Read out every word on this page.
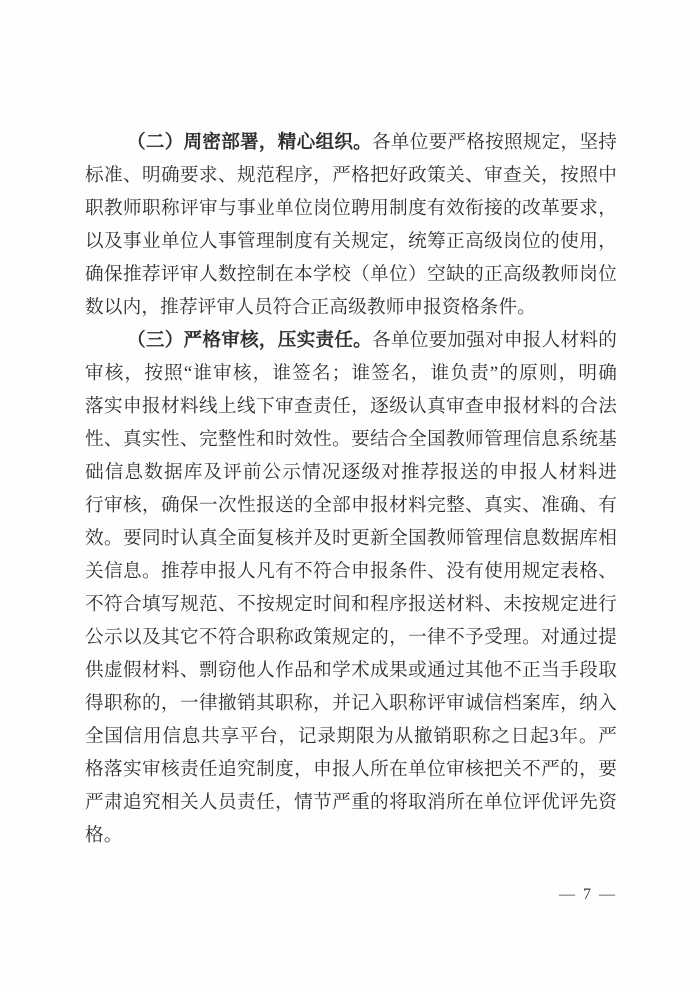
（二）周密部署，精心组织。各单位要严格按照规定，坚持
标准、明确要求、规范程序，严格把好政策关、审查关，按照中
职教师职称评审与事业单位岗位聘用制度有效衔接的改革要求，
以及事业单位人事管理制度有关规定，统筹正高级岗位的使用，
确保推荐评审人数控制在本学校（单位）空缺的正高级教师岗位
数以内，推荐评审人员符合正高级教师申报资格条件。
（三）严格审核，压实责任。各单位要加强对申报人材料的
审核，按照“谁审核，谁签名；谁签名，谁负责”的原则，明确
落实申报材料线上线下审查责任，逐级认真审查申报材料的合法
性、真实性、完整性和时效性。要结合全国教师管理信息系统基
础信息数据库及评前公示情况逐级对推荐报送的申报人材料进
行审核，确保一次性报送的全部申报材料完整、真实、准确、有
效。要同时认真全面复核并及时更新全国教师管理信息数据库相
关信息。推荐申报人凡有不符合申报条件、没有使用规定表格、
不符合填写规范、不按规定时间和程序报送材料、未按规定进行
公示以及其它不符合职称政策规定的，一律不予受理。对通过提
供虚假材料、剽窃他人作品和学术成果或通过其他不正当手段取
得职称的，一律撤销其职称，并记入职称评审诚信档案库，纳入
全国信用信息共享平台，记录期限为从撤销职称之日起3年。严
格落实审核责任追究制度，申报人所在单位审核把关不严的，要
严肃追究相关人员责任，情节严重的将取消所在单位评优评先资
格。
— 7 —
